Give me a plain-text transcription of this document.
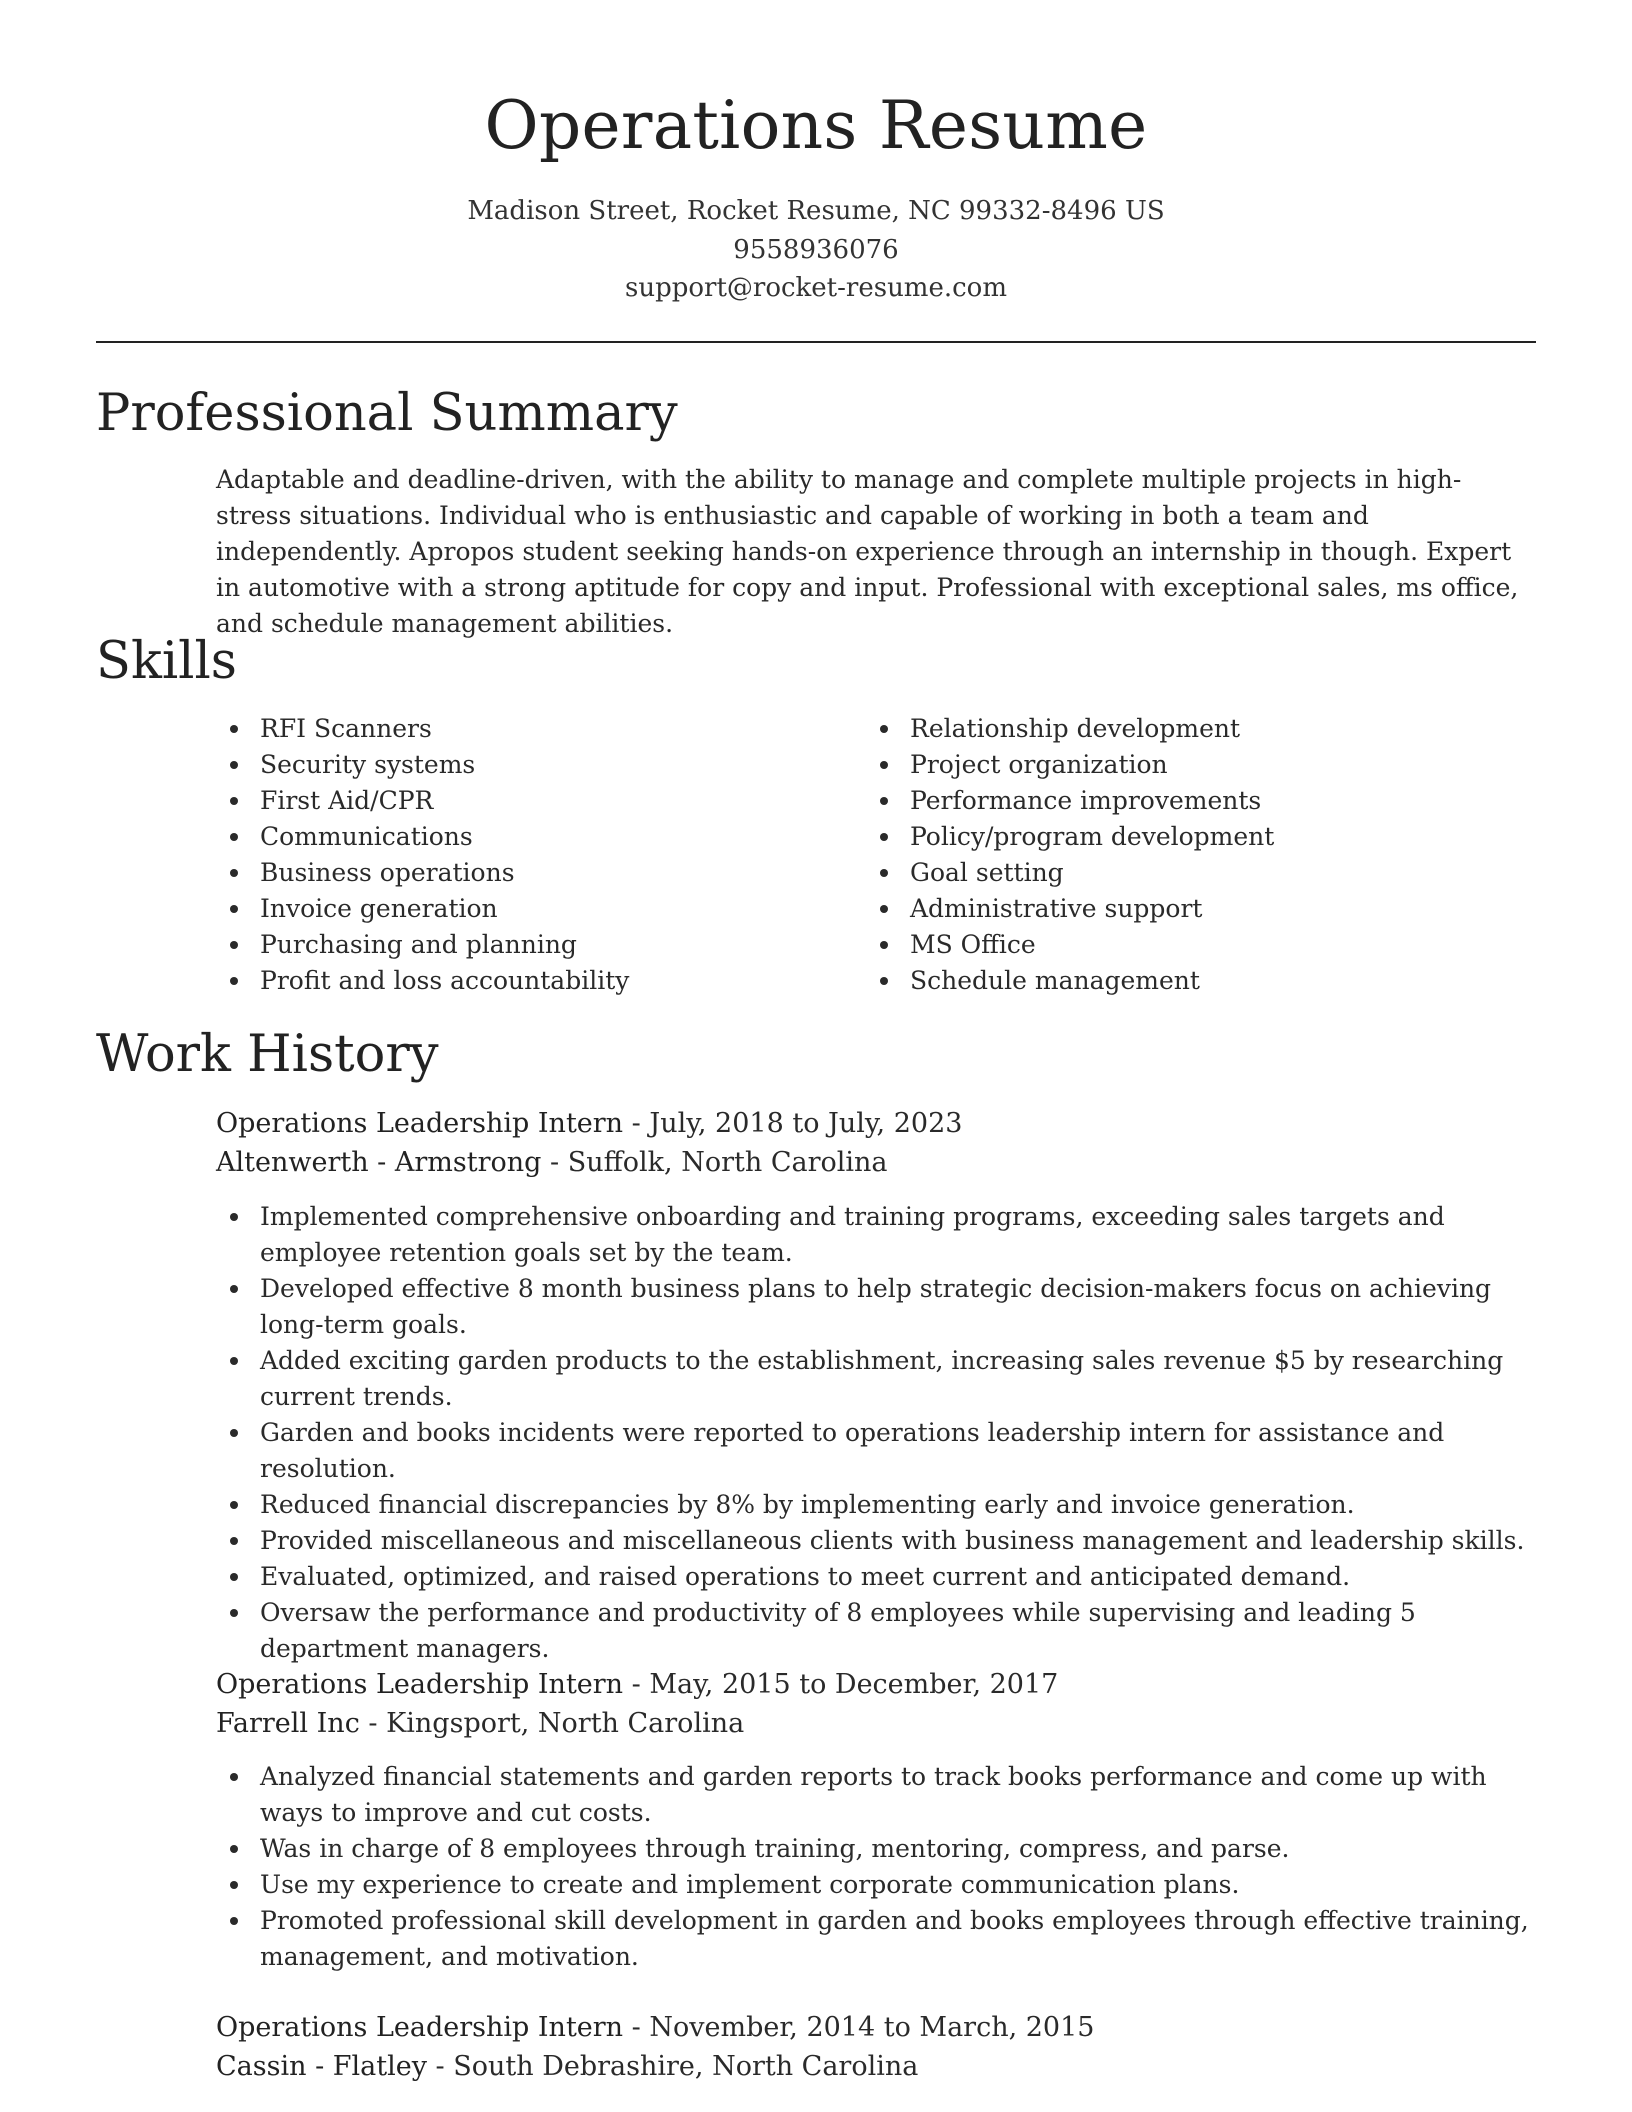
Operations Resume
Madison Street, Rocket Resume, NC 99332-8496 US
9558936076
support@rocket-resume.com
Professional Summary
Adaptable and deadline-driven, with the ability to manage and complete multiple projects in high-stress situations. Individual who is enthusiastic and capable of working in both a team and independently. Apropos student seeking hands-on experience through an internship in though. Expert in automotive with a strong aptitude for copy and input. Professional with exceptional sales, ms office, and schedule management abilities.
Skills
RFI Scanners
Security systems
First Aid/CPR
Communications
Business operations
Invoice generation
Purchasing and planning
Profit and loss accountability
Relationship development
Project organization
Performance improvements
Policy/program development
Goal setting
Administrative support
MS Office
Schedule management
Work History
Operations Leadership Intern - July, 2018 to July, 2023
Altenwerth - Armstrong - Suffolk, North Carolina
Implemented comprehensive onboarding and training programs, exceeding sales targets and employee retention goals set by the team.
Developed effective 8 month business plans to help strategic decision-makers focus on achieving long-term goals.
Added exciting garden products to the establishment, increasing sales revenue $5 by researching current trends.
Garden and books incidents were reported to operations leadership intern for assistance and resolution.
Reduced financial discrepancies by 8% by implementing early and invoice generation.
Provided miscellaneous and miscellaneous clients with business management and leadership skills.
Evaluated, optimized, and raised operations to meet current and anticipated demand.
Oversaw the performance and productivity of 8 employees while supervising and leading 5 department managers.
Operations Leadership Intern - May, 2015 to December, 2017
Farrell Inc - Kingsport, North Carolina
Analyzed financial statements and garden reports to track books performance and come up with ways to improve and cut costs.
Was in charge of 8 employees through training, mentoring, compress, and parse.
Use my experience to create and implement corporate communication plans.
Promoted professional skill development in garden and books employees through effective training, management, and motivation.
Operations Leadership Intern - November, 2014 to March, 2015
Cassin - Flatley - South Debrashire, North Carolina
